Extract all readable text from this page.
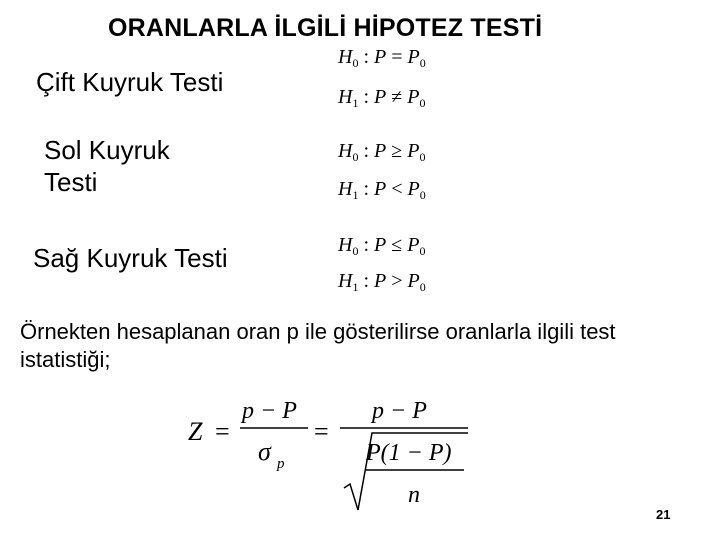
ORANLARLA İLGİLİ HİPOTEZ TESTİ
Çift Kuyruk Testi
$H_0$ : $P = P_0$
$H_1$ : $P \ne P_0$
Sol Kuyruk Testi
$H_0$ : $P \ge P_0$
$H_1$ : $P < P_0$
Sağ Kuyruk Testi	$H_0$ : $P \le P_0$
$H_1$ : $P > P_0$
Örnekten hesaplanan oran p ile gösterilirse oranlarla ilgili test istatistiği;
Z =
p − P
σ p
=
p − P
P(1 − P)
n
21
